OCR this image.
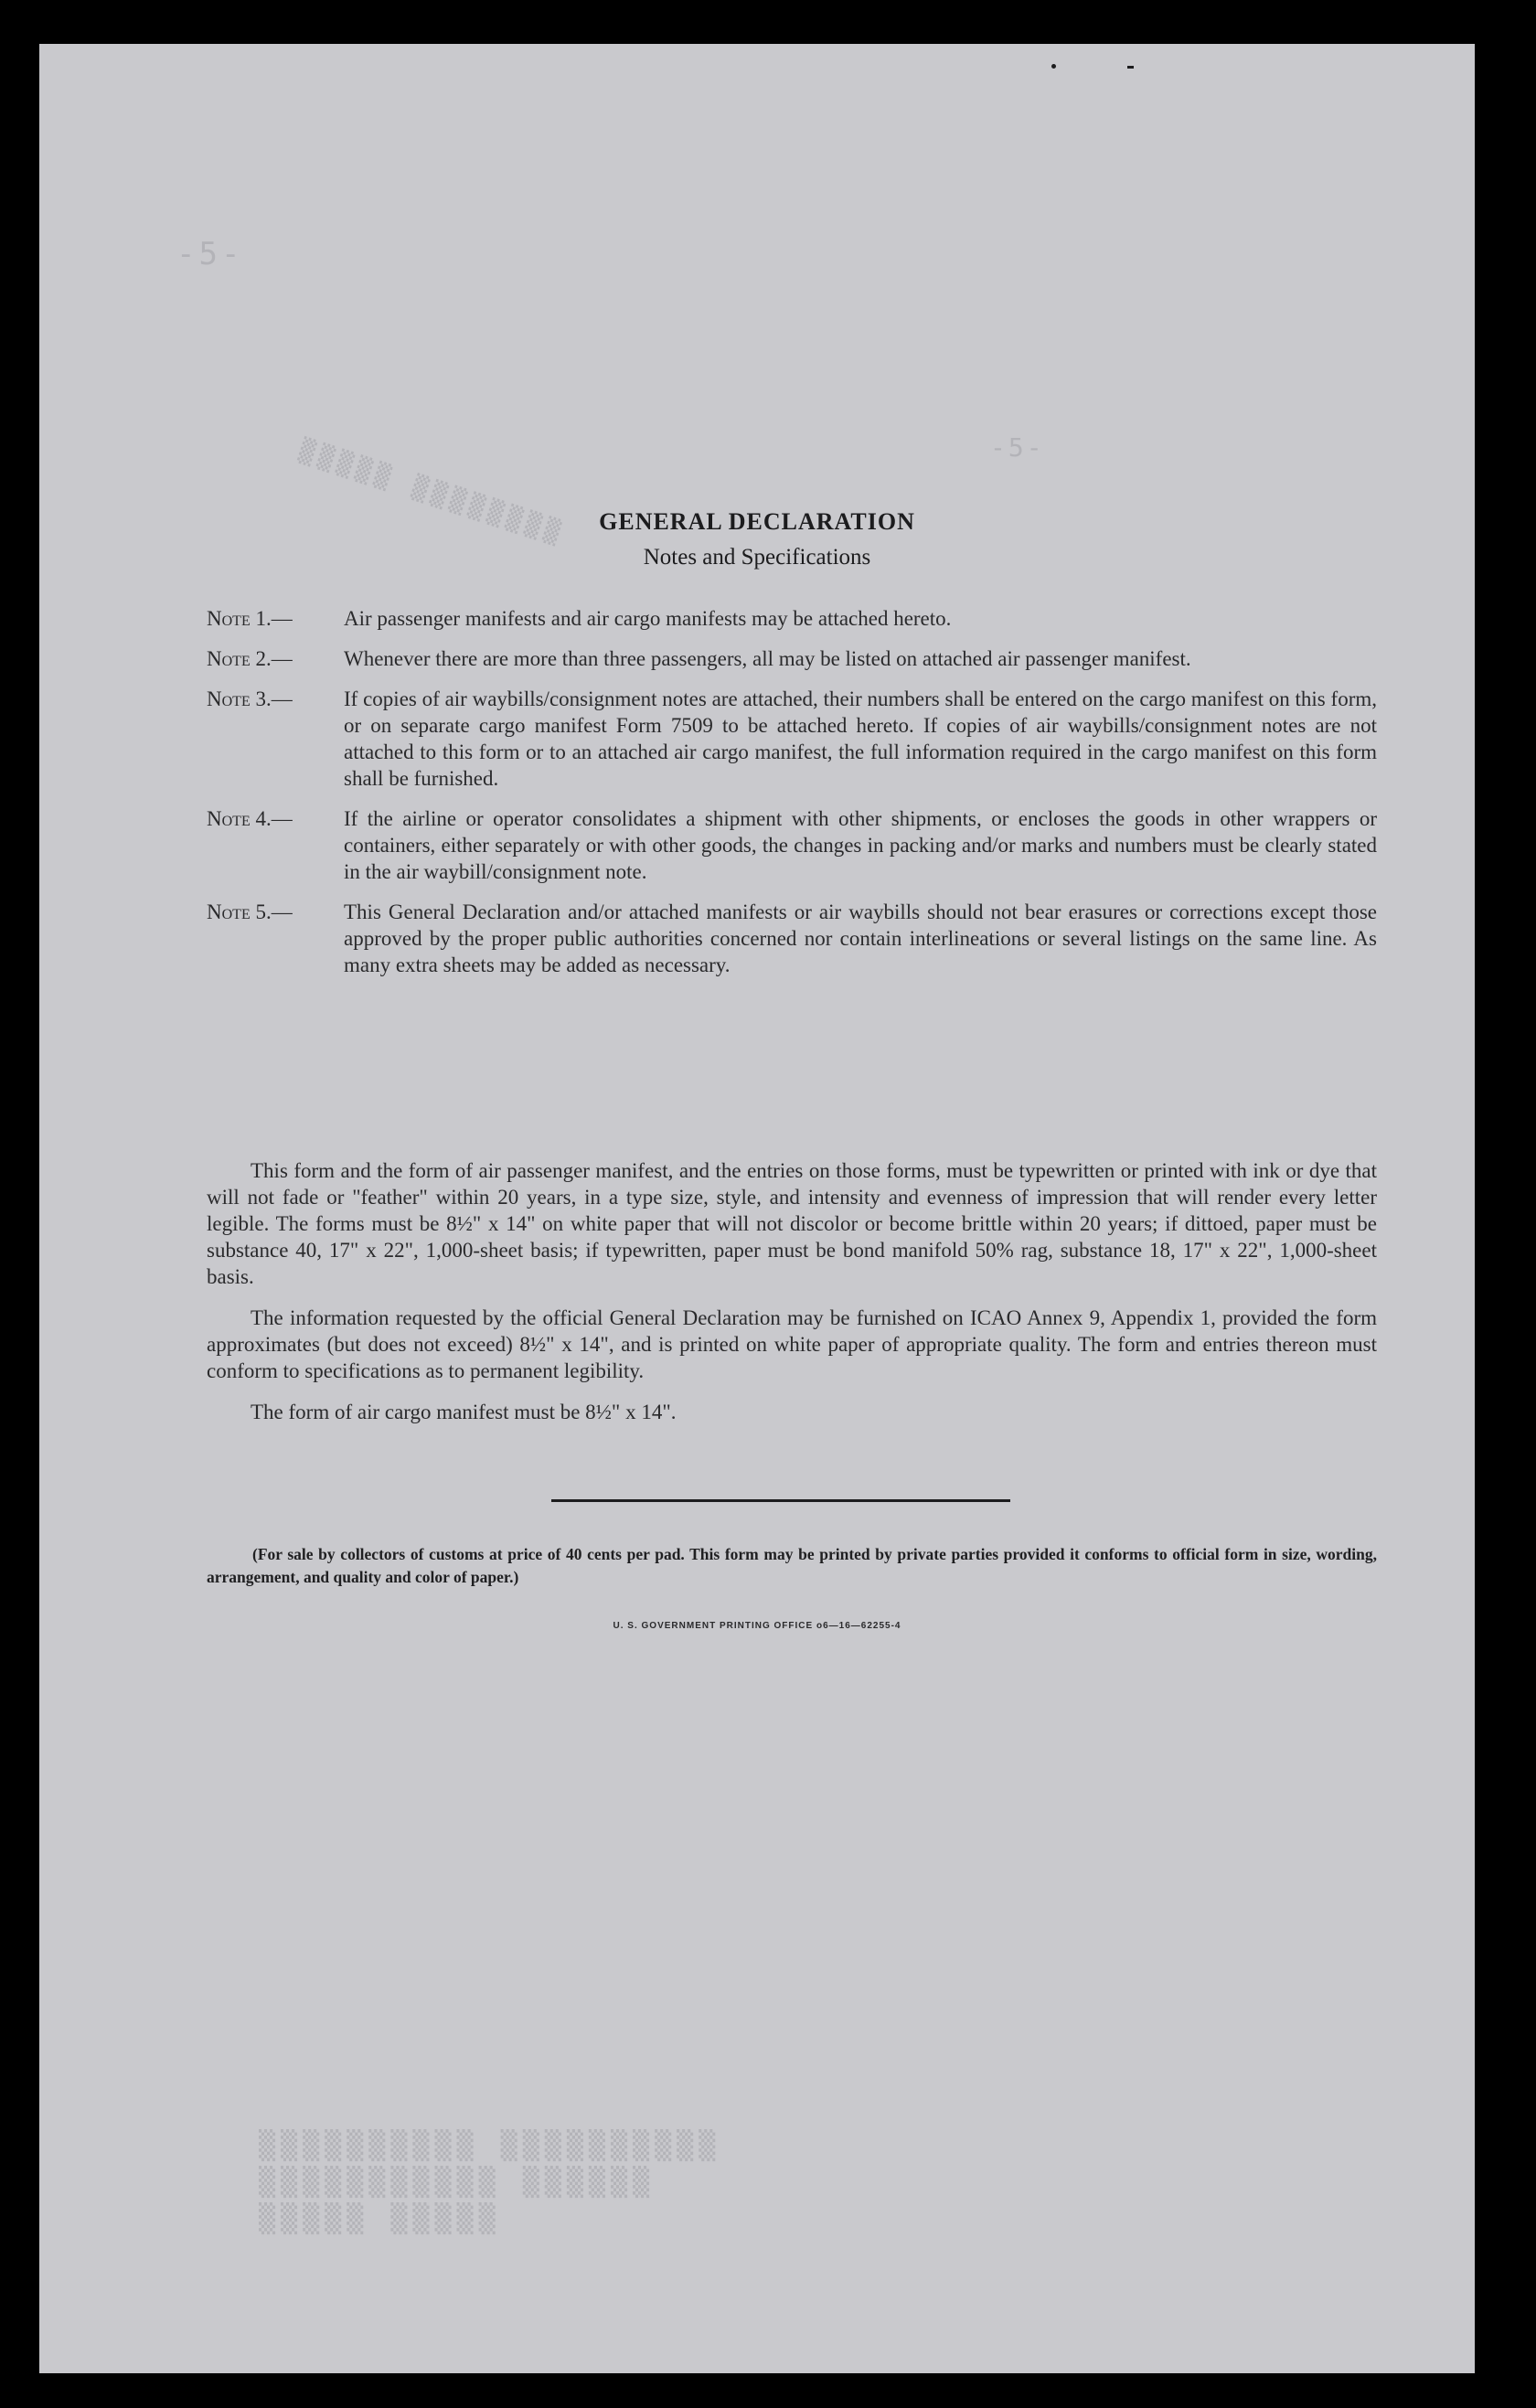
-5-
▒▒▒▒▒ ▒▒▒▒▒▒▒▒	-5-
▒▒▒▒▒▒▒▒▒▒ ▒▒▒▒▒▒▒▒▒▒
▒▒▒▒▒▒▒▒▒▒▒ ▒▒▒▒▒▒
▒▒▒▒▒ ▒▒▒▒▒
GENERAL DECLARATION
Notes and Specifications
Note 1.—	Air passenger manifests and air cargo manifests may be attached hereto.
Note 2.—	Whenever there are more than three passengers, all may be listed on attached air passenger manifest.
Note 3.—	If copies of air waybills/consignment notes are attached, their numbers shall be entered on the cargo manifest on this form, or on separate cargo manifest Form 7509 to be attached hereto. If copies of air waybills/consignment notes are not attached to this form or to an attached air cargo manifest, the full information required in the cargo manifest on this form shall be furnished.
Note 4.—	If the airline or operator consolidates a shipment with other shipments, or encloses the goods in other wrappers or containers, either separately or with other goods, the changes in packing and/or marks and numbers must be clearly stated in the air waybill/consignment note.
Note 5.—	This General Declaration and/or attached manifests or air waybills should not bear erasures or corrections except those approved by the proper public authorities concerned nor contain interlineations or several listings on the same line. As many extra sheets may be added as necessary.

This form and the form of air passenger manifest, and the entries on those forms, must be typewritten or printed with ink or dye that will not fade or "feather" within 20 years, in a type size, style, and intensity and evenness of impression that will render every letter legible. The forms must be 8½" x 14" on white paper that will not discolor or become brittle within 20 years; if dittoed, paper must be substance 40, 17" x 22", 1,000-sheet basis; if typewritten, paper must be bond manifold 50% rag, substance 18, 17" x 22", 1,000-sheet basis.

The information requested by the official General Declaration may be furnished on ICAO Annex 9, Appendix 1, provided the form approximates (but does not exceed) 8½" x 14", and is printed on white paper of appropriate quality. The form and entries thereon must conform to specifications as to permanent legibility.

The form of air cargo manifest must be 8½" x 14".

(For sale by collectors of customs at price of 40 cents per pad. This form may be printed by private parties provided it conforms to official form in size, wording, arrangement, and quality and color of paper.)
U. S. GOVERNMENT PRINTING OFFICE o6—16—62255-4
